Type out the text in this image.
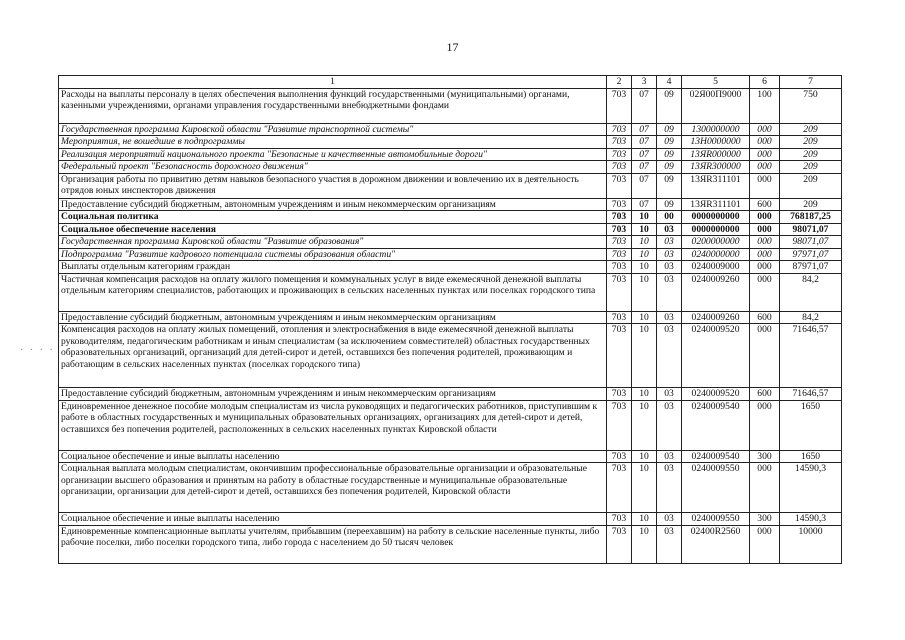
17
· · · ·
1	2	3	4	5	6	7
Расходы на выплаты персоналу в целях обеспечения выполнения функций государственными (муниципальными) органами, казенными учреждениями, органами управления государственными внебюджетными фондами	703	07	09	02Я00П9000	100	750
Государственная программа Кировской области "Развитие транспортной системы"	703	07	09	1300000000	000	209
Мероприятия, не вошедшие в подпрограммы	703	07	09	13Н0000000	000	209
Реализация мероприятий национального проекта "Безопасные и качественные автомобильные дороги"	703	07	09	13ЯR000000	000	209
Федеральный проект "Безопасность дорожного движения"	703	07	09	13ЯR300000	000	209
Организация работы по привитию детям навыков безопасного участия в дорожном движении и вовлечению их в деятельность отрядов юных инспекторов движения	703	07	09	13ЯR311101	000	209
Предоставление субсидий бюджетным, автономным учреждениям и иным некоммерческим организациям	703	07	09	13ЯR311101	600	209
Социальная политика	703	10	00	0000000000	000	768187,25
Социальное обеспечение населения	703	10	03	0000000000	000	98071,07
Государственная программа Кировской области "Развитие образования"	703	10	03	0200000000	000	98071,07
Подпрограмма "Развитие кадрового потенциала системы образования области"	703	10	03	0240000000	000	97971,07
Выплаты отдельным категориям граждан	703	10	03	0240009000	000	87971,07
Частичная компенсация расходов на оплату жилого помещения и коммунальных услуг в виде ежемесячной денежной выплаты отдельным категориям специалистов, работающих и проживающих в сельских населенных пунктах или поселках городского типа	703	10	03	0240009260	000	84,2
Предоставление субсидий бюджетным, автономным учреждениям и иным некоммерческим организациям	703	10	03	0240009260	600	84,2
Компенсация расходов на оплату жилых помещений, отопления и электроснабжения в виде ежемесячной денежной выплаты руководителям, педагогическим работникам и иным специалистам (за исключением совместителей) областных государственных образовательных организаций, организаций для детей-сирот и детей, оставшихся без попечения родителей, проживающим и работающим в сельских населенных пунктах (поселках городского типа)	703	10	03	0240009520	000	71646,57
Предоставление субсидий бюджетным, автономным учреждениям и иным некоммерческим организациям	703	10	03	0240009520	600	71646,57
Единовременное денежное пособие молодым специалистам из числа руководящих и педагогических работников, приступившим к работе в областных государственных и муниципальных образовательных организациях, организациях для детей-сирот и детей, оставшихся без попечения родителей, расположенных в сельских населенных пунктах Кировской области	703	10	03	0240009540	000	1650
Социальное обеспечение и иные выплаты населению	703	10	03	0240009540	300	1650
Социальная выплата молодым специалистам, окончившим профессиональные образовательные организации и образовательные организации высшего образования и принятым на работу в областные государственные и муниципальные образовательные организации, организации для детей-сирот и детей, оставшихся без попечения родителей, Кировской области	703	10	03	0240009550	000	14590,3
Социальное обеспечение и иные выплаты населению	703	10	03	0240009550	300	14590,3
Единовременные компенсационные выплаты учителям, прибывшим (переехавшим) на работу в сельские населенные пункты, либо рабочие поселки, либо поселки городского типа, либо города с населением до 50 тысяч человек	703	10	03	02400R2560	000	10000
